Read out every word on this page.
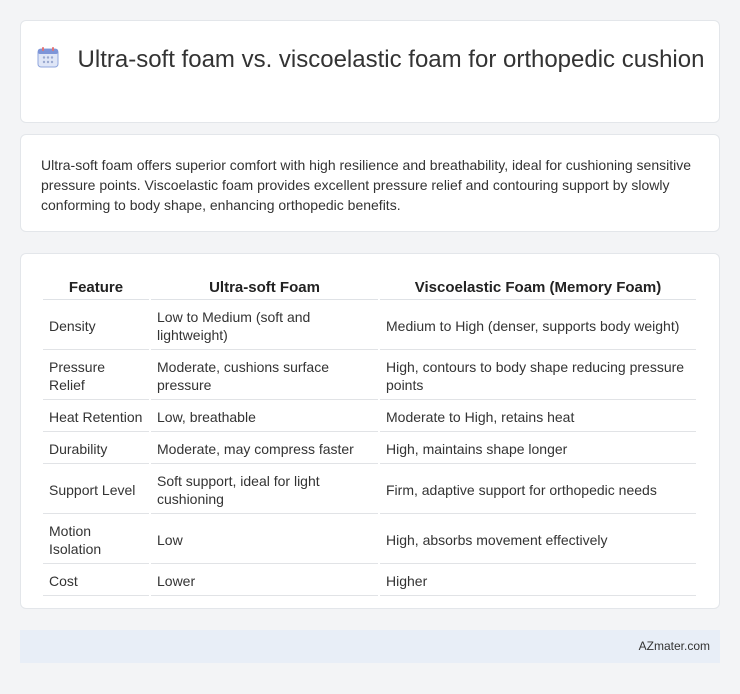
Ultra-soft foam vs. viscoelastic foam for orthopedic cushion

Ultra-soft foam offers superior comfort with high resilience and breathability, ideal for cushioning sensitive pressure points. Viscoelastic foam provides excellent pressure relief and contouring support by slowly conforming to body shape, enhancing orthopedic benefits.

Feature	Ultra-soft Foam	Viscoelastic Foam (Memory Foam)
Density	Low to Medium (soft and lightweight)	Medium to High (denser, supports body weight)
Pressure Relief	Moderate, cushions surface pressure	High, contours to body shape reducing pressure points
Heat Retention	Low, breathable	Moderate to High, retains heat
Durability	Moderate, may compress faster	High, maintains shape longer
Support Level	Soft support, ideal for light cushioning	Firm, adaptive support for orthopedic needs
Motion Isolation	Low	High, absorbs movement effectively
Cost	Lower	Higher
AZmater.com
